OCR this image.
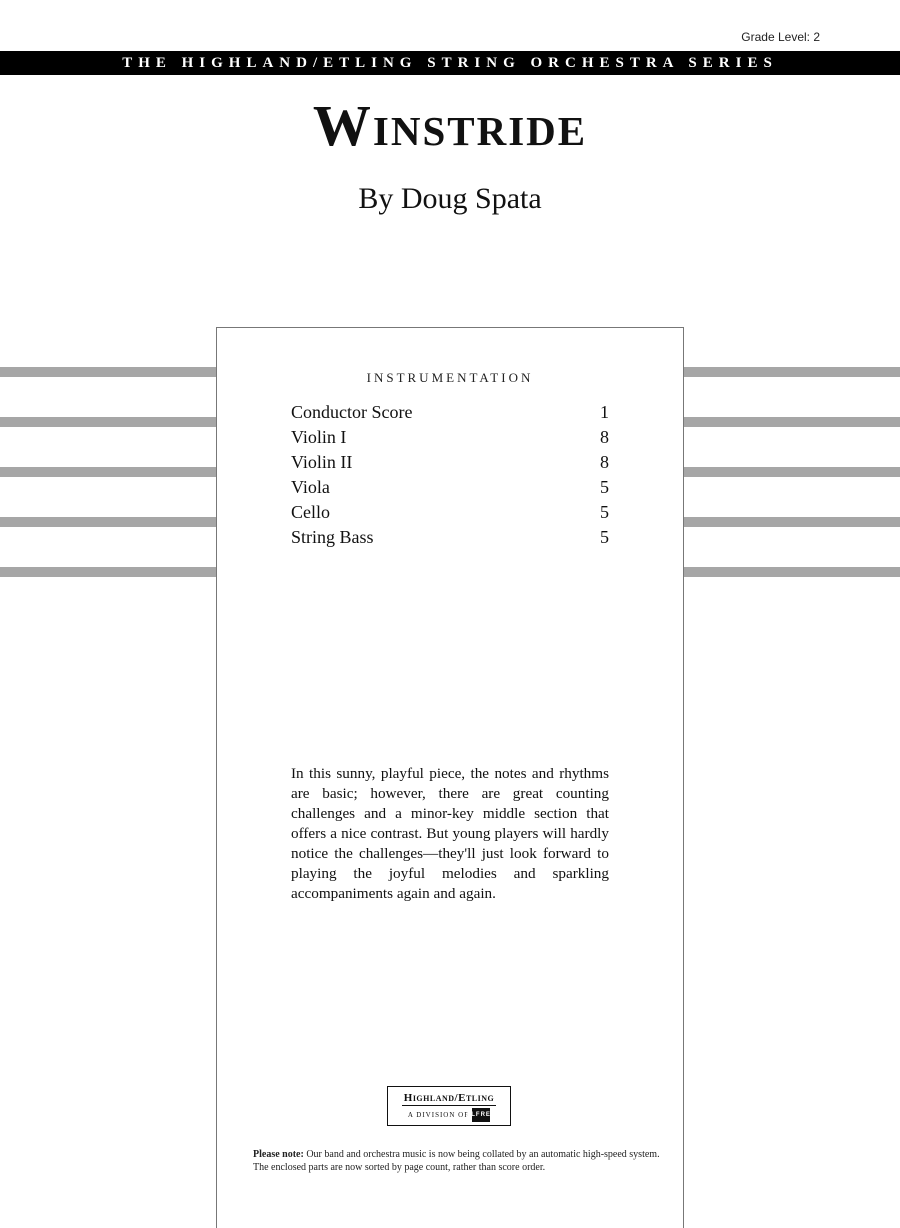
Grade Level: 2
THE HIGHLAND/ETLING STRING ORCHESTRA SERIES
Winstride
By Doug Spata
INSTRUMENTATION
Conductor Score	1
Violin I	8
Violin II	8
Viola	5
Cello	5
String Bass	5
In this sunny, playful piece, the notes and rhythms are basic; however, there are great counting challenges and a minor-key middle section that offers a nice contrast. But young players will hardly notice the challenges—they'll just look forward to playing the joyful melodies and sparkling accompaniments again and again.
Highland/Etling
A DIVISION OF
ALFRED
Please note: Our band and orchestra music is now being collated by an automatic high-speed system. The enclosed parts are now sorted by page count, rather than score order.
